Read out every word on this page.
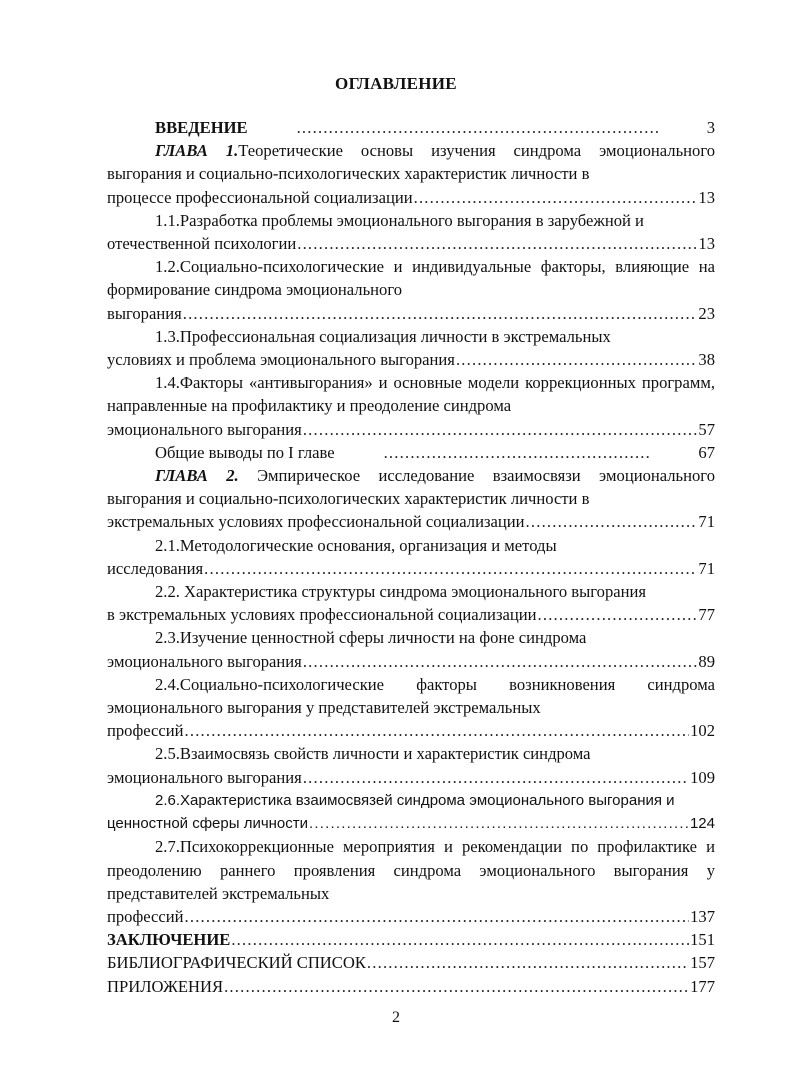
ОГЛАВЛЕНИЕ
ВВЕДЕНИЕ .....	3
ГЛАВА 1.Теоретические основы изучения синдрома эмоционального выгорания и социально-психологических характеристик личности в
процессе профессиональной социализации .....	13
1.1.Разработка проблемы эмоционального выгорания в зарубежной и
отечественной психологии .....	13
1.2.Социально-психологические и индивидуальные факторы, влияющие на формирование синдрома эмоционального
выгорания .....	23
1.3.Профессиональная социализация личности в экстремальных
условиях и проблема эмоционального выгорания .....	38
1.4.Факторы «антивыгорания» и основные модели коррекционных программ, направленные на профилактику и преодоление синдрома
эмоционального выгорания .....	57
Общие выводы по I главе .....	67
ГЛАВА 2. Эмпирическое исследование взаимосвязи эмоционального выгорания и социально-психологических характеристик личности в
экстремальных условиях профессиональной социализации .....	71
2.1.Методологические основания, организация и методы
исследования .....	71
2.2. Характеристика структуры синдрома эмоционального выгорания
в экстремальных условиях профессиональной социализации .....	77
2.3.Изучение ценностной сферы личности на фоне синдрома
эмоционального выгорания .....	89
2.4.Социально-психологические факторы возникновения синдрома эмоционального выгорания у представителей экстремальных
профессий .....	102
2.5.Взаимосвязь свойств личности и характеристик синдрома
эмоционального выгорания .....	109
2.6.Характеристика взаимосвязей синдрома эмоционального выгорания и
ценностной сферы личности .....	124
2.7.Психокоррекционные мероприятия и рекомендации по профилактике и преодолению раннего проявления синдрома эмоционального выгорания у представителей экстремальных
профессий .....	137
ЗАКЛЮЧЕНИЕ .....	151
БИБЛИОГРАФИЧЕСКИЙ СПИСОК .....	157
ПРИЛОЖЕНИЯ .....	177
2
